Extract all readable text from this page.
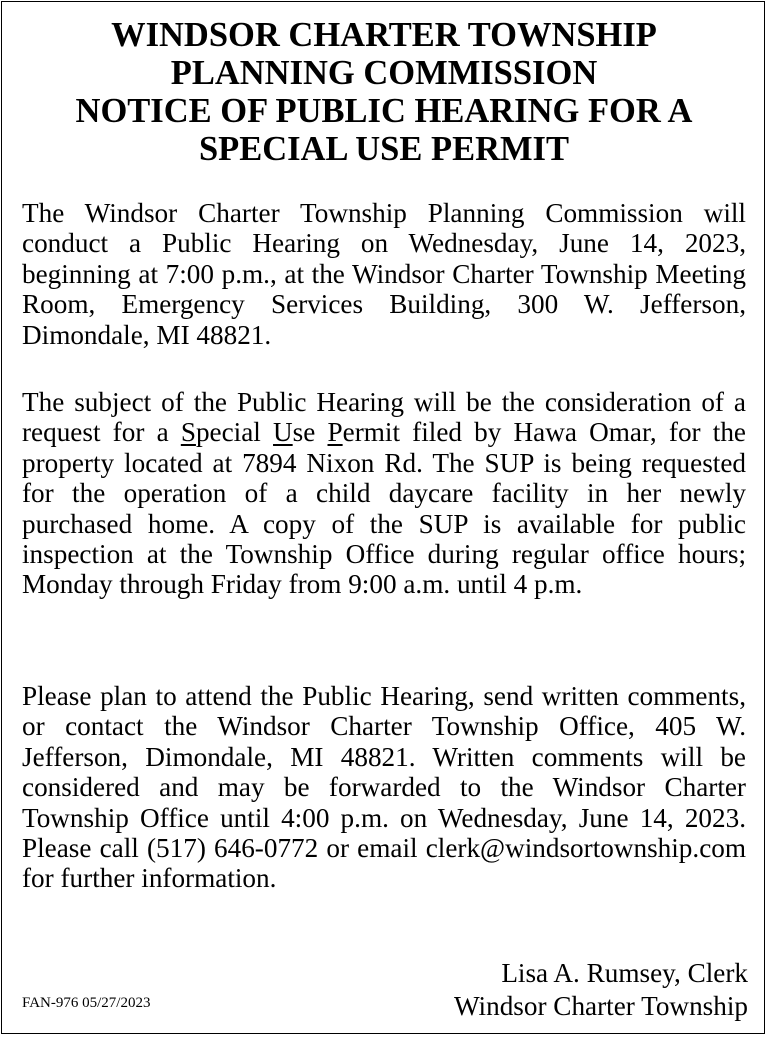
WINDSOR CHARTER TOWNSHIP
PLANNING COMMISSION
NOTICE OF PUBLIC HEARING FOR A
SPECIAL USE PERMIT

The Windsor Charter Township Planning Commission will conduct a Public Hearing on Wednesday, June 14, 2023, beginning at 7:00 p.m., at the Windsor Charter Township Meeting Room, Emergency Services Building, 300 W. Jefferson, Dimondale, MI 48821.

The subject of the Public Hearing will be the consideration of a request for a Special Use Permit filed by Hawa Omar, for the property located at 7894 Nixon Rd. The SUP is being requested for the operation of a child daycare facility in her newly purchased home. A copy of the SUP is available for public inspection at the Township Office during regular office hours; Monday through Friday from 9:00 a.m. until 4 p.m.

Please plan to attend the Public Hearing, send written comments, or contact the Windsor Charter Township Office, 405 W. Jefferson, Dimondale, MI 48821. Written comments will be considered and may be forwarded to the Windsor Charter Township Office until 4:00 p.m. on Wednesday, June 14, 2023. Please call (517) 646-0772 or email clerk@windsortownship.com for further information.

Lisa A. Rumsey, Clerk
Windsor Charter Township
FAN-976 05/27/2023
